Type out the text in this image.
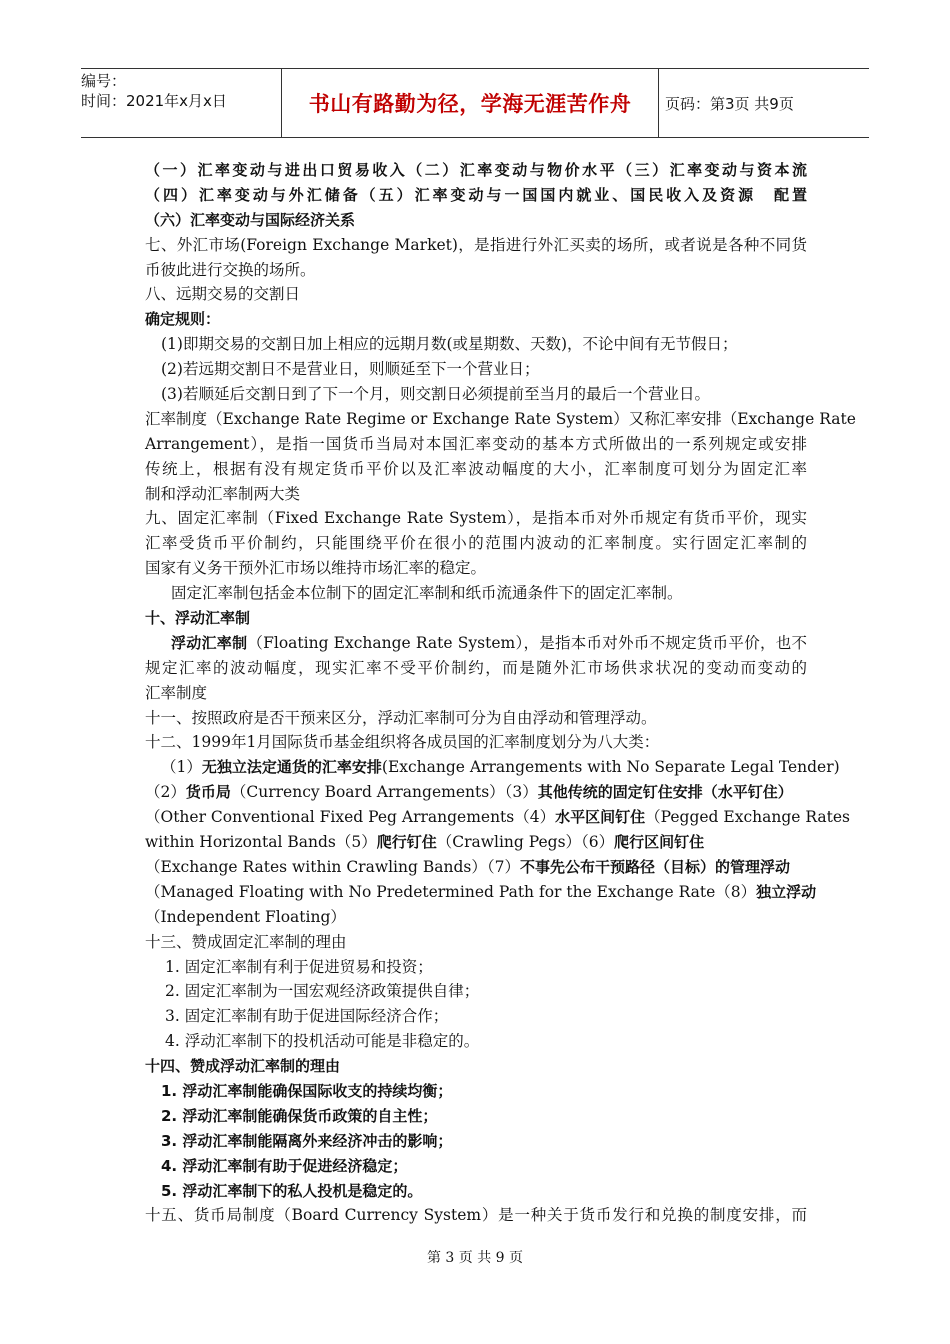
编号：
时间：2021年x月x日	书山有路勤为径，学海无涯苦作舟 页码：第3页 共9页
（一）汇率变动与进出口贸易收入（二）汇率变动与物价水平（三）汇率变动与资本流
（四）汇率变动与外汇储备（五）汇率变动与一国国内就业、国民收入及资源　配置
（六）汇率变动与国际经济关系
七、外汇市场(Foreign Exchange Market)，是指进行外汇买卖的场所，或者说是各种不同货
币彼此进行交换的场所。
八、远期交易的交割日
确定规则：
(1)即期交易的交割日加上相应的远期月数(或星期数、天数)，不论中间有无节假日；
(2)若远期交割日不是营业日，则顺延至下一个营业日；
(3)若顺延后交割日到了下一个月，则交割日必须提前至当月的最后一个营业日。
汇率制度（Exchange Rate Regime or Exchange Rate System）又称汇率安排（Exchange Rate
Arrangement），是指一国货币当局对本国汇率变动的基本方式所做出的一系列规定或安排
传统上，根据有没有规定货币平价以及汇率波动幅度的大小，汇率制度可划分为固定汇率
制和浮动汇率制两大类
九、固定汇率制（Fixed Exchange Rate System），是指本币对外币规定有货币平价，现实
汇率受货币平价制约，只能围绕平价在很小的范围内波动的汇率制度。实行固定汇率制的
国家有义务干预外汇市场以维持市场汇率的稳定。
固定汇率制包括金本位制下的固定汇率制和纸币流通条件下的固定汇率制。
十、浮动汇率制
浮动汇率制（Floating Exchange Rate System），是指本币对外币不规定货币平价，也不
规定汇率的波动幅度，现实汇率不受平价制约，而是随外汇市场供求状况的变动而变动的
汇率制度
十一、按照政府是否干预来区分，浮动汇率制可分为自由浮动和管理浮动。
十二、1999年1月国际货币基金组织将各成员国的汇率制度划分为八大类：
（1）无独立法定通货的汇率安排(Exchange Arrangements with No Separate Legal Tender)
（2）货币局（Currency Board Arrangements）（3）其他传统的固定钉住安排（水平钉住）
（Other Conventional Fixed Peg Arrangements（4）水平区间钉住（Pegged Exchange Rates
within Horizontal Bands（5）爬行钉住（Crawling Pegs）（6）爬行区间钉住
（Exchange Rates within Crawling Bands）（7）不事先公布干预路径（目标）的管理浮动
（Managed Floating with No Predetermined Path for the Exchange Rate（8）独立浮动
（Independent Floating）
十三、赞成固定汇率制的理由
1. 固定汇率制有利于促进贸易和投资；
2. 固定汇率制为一国宏观经济政策提供自律；
3. 固定汇率制有助于促进国际经济合作；
4. 浮动汇率制下的投机活动可能是非稳定的。
十四、赞成浮动汇率制的理由
1. 浮动汇率制能确保国际收支的持续均衡；
2. 浮动汇率制能确保货币政策的自主性；
3. 浮动汇率制能隔离外来经济冲击的影响；
4. 浮动汇率制有助于促进经济稳定；
5. 浮动汇率制下的私人投机是稳定的。
十五、货币局制度（Board Currency System）是一种关于货币发行和兑换的制度安排，而
第 3 页 共 9 页
